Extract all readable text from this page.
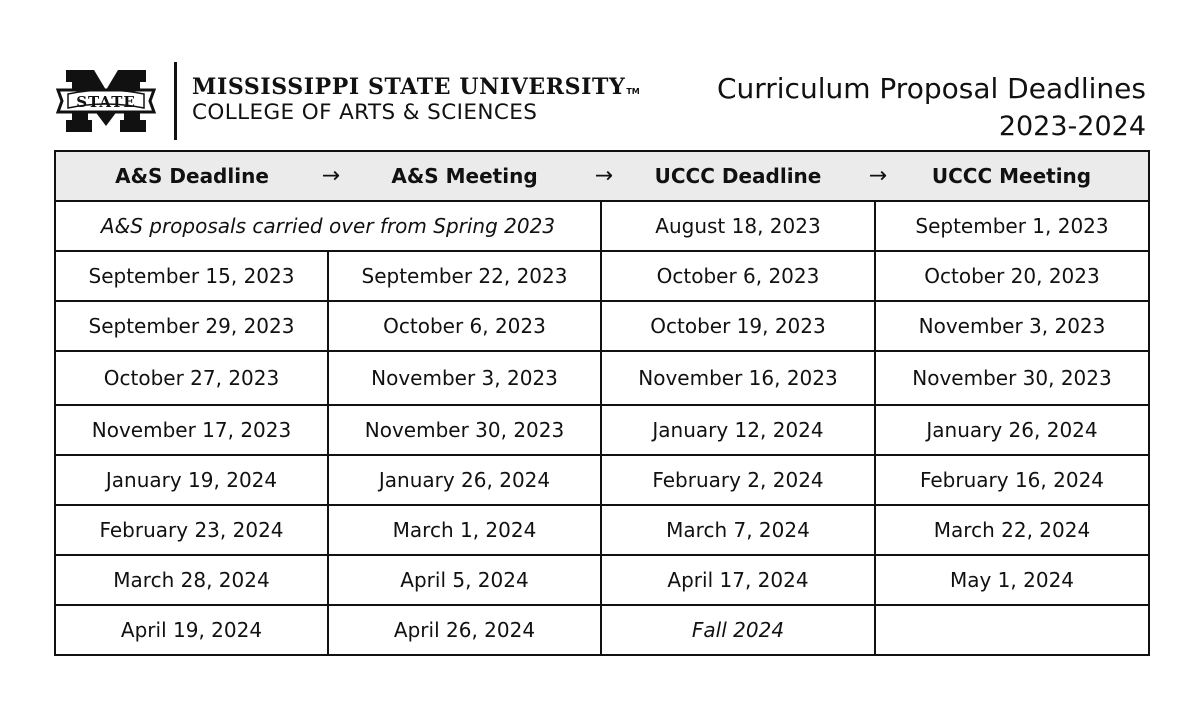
STATE
MISSISSIPPI STATE UNIVERSITYTM
COLLEGE OF ARTS & SCIENCES
Curriculum Proposal Deadlines
2023-2024
A&S Deadline →	A&S Meeting →	UCCC Deadline →	UCCC Meeting
A&S proposals carried over from Spring 2023		August 18, 2023	September 1, 2023
September 15, 2023	September 22, 2023	October 6, 2023	October 20, 2023
September 29, 2023	October 6, 2023	October 19, 2023	November 3, 2023
October 27, 2023	November 3, 2023	November 16, 2023	November 30, 2023
November 17, 2023	November 30, 2023	January 12, 2024	January 26, 2024
January 19, 2024	January 26, 2024	February 2, 2024	February 16, 2024
February 23, 2024	March 1, 2024	March 7, 2024	March 22, 2024
March 28, 2024	April 5, 2024	April 17, 2024	May 1, 2024
April 19, 2024	April 26, 2024	Fall 2024	
